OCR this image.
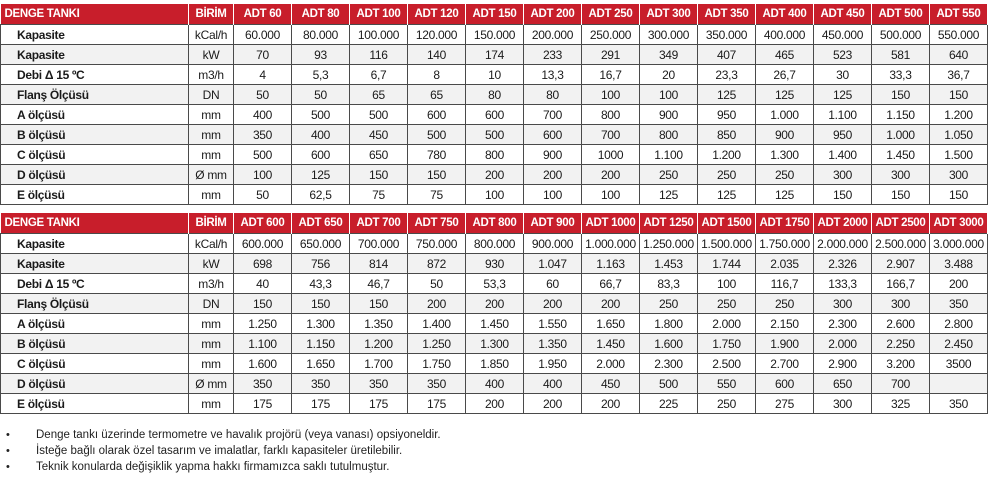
DENGE TANKI	BİRİM	ADT 60	ADT 80	ADT 100	ADT 120	ADT 150	ADT 200	ADT 250	ADT 300	ADT 350	ADT 400	ADT 450	ADT 500	ADT 550
Kapasite	kCal/h	60.000	80.000	100.000	120.000	150.000	200.000	250.000	300.000	350.000	400.000	450.000	500.000	550.000
Kapasite	kW	70	93	116	140	174	233	291	349	407	465	523	581	640
Debi Δ 15 ºC	m3/h	4	5,3	6,7	8	10	13,3	16,7	20	23,3	26,7	30	33,3	36,7
Flanş Ölçüsü	DN	50	50	65	65	80	80	100	100	125	125	125	150	150
A ölçüsü	mm	400	500	500	600	600	700	800	900	950	1.000	1.100	1.150	1.200
B ölçüsü	mm	350	400	450	500	500	600	700	800	850	900	950	1.000	1.050
C ölçüsü	mm	500	600	650	780	800	900	1000	1.100	1.200	1.300	1.400	1.450	1.500
D ölçüsü	Ø mm	100	125	150	150	200	200	200	250	250	250	300	300	300
E ölçüsü	mm	50	62,5	75	75	100	100	100	125	125	125	150	150	150
DENGE TANKI	BİRİM	ADT 600	ADT 650	ADT 700	ADT 750	ADT 800	ADT 900	ADT 1000	ADT 1250	ADT 1500	ADT 1750	ADT 2000	ADT 2500	ADT 3000
Kapasite	kCal/h	600.000	650.000	700.000	750.000	800.000	900.000	1.000.000	1.250.000	1.500.000	1.750.000	2.000.000	2.500.000	3.000.000
Kapasite	kW	698	756	814	872	930	1.047	1.163	1.453	1.744	2.035	2.326	2.907	3.488
Debi Δ 15 ºC	m3/h	40	43,3	46,7	50	53,3	60	66,7	83,3	100	116,7	133,3	166,7	200
Flanş Ölçüsü	DN	150	150	150	200	200	200	200	250	250	250	300	300	350
A ölçüsü	mm	1.250	1.300	1.350	1.400	1.450	1.550	1.650	1.800	2.000	2.150	2.300	2.600	2.800
B ölçüsü	mm	1.100	1.150	1.200	1.250	1.300	1.350	1.450	1.600	1.750	1.900	2.000	2.250	2.450
C ölçüsü	mm	1.600	1.650	1.700	1.750	1.850	1.950	2.000	2.300	2.500	2.700	2.900	3.200	3500
D ölçüsü	Ø mm	350	350	350	350	400	400	450	500	550	600	650	700	
E ölçüsü	mm	175	175	175	175	200	200	200	225	250	275	300	325	350
• Denge tankı üzerinde termometre ve havalık projörü (veya vanası) opsiyoneldir.
• İsteğe bağlı olarak özel tasarım ve imalatlar, farklı kapasiteler üretilebilir.
• Teknik konularda değişiklik yapma hakkı firmamızca saklı tutulmuştur.
